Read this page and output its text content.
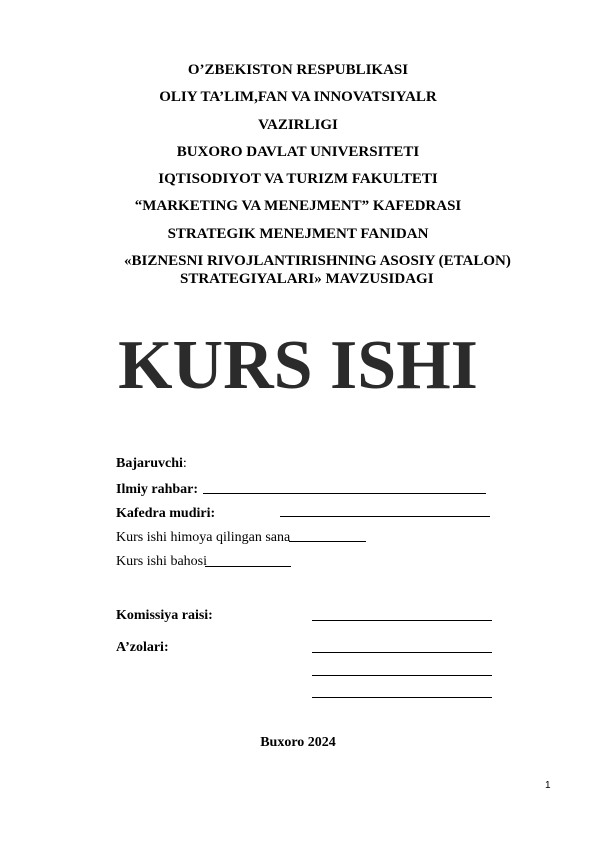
O’ZBEKISTON RESPUBLIKASI
OLIY TA’LIM,FAN VA INNOVATSIYALR
VAZIRLIGI
BUXORO DAVLAT UNIVERSITETI
IQTISODIYOT VA TURIZM FAKULTETI
“MARKETING VA MENEJMENT” KAFEDRASI
STRATEGIK MENEJMENT FANIDAN
«BIZNESNI RIVOJLANTIRISHNING ASOSIY (ETALON)
STRATEGIYALARI» MAVZUSIDAGI
KURS ISHI
Bajaruvchi:
Ilmiy rahbar:
Kafedra mudiri:
Kurs ishi himoya qilingan sana
Kurs ishi bahosi
Komissiya raisi:
A’zolari:
Buxoro 2024
1
